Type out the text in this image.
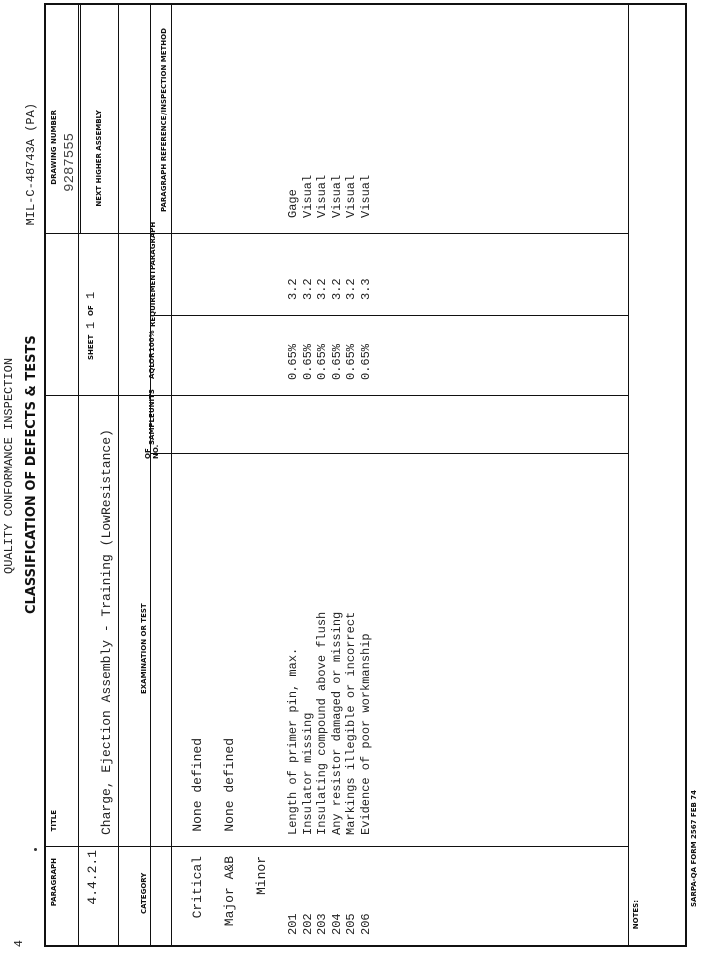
4
QUALITY CONFORMANCE INSPECTION CLASSIFICATION OF DEFECTS & TESTS
MIL-C-48743A (PA)
PARAGRAPH 4.4.2.1
TITLE	Charge, Ejection Assembly - Training (Low
Resistance)
SHEET
1
OF
1
DRAWING NUMBER 9287555 NEXT HIGHER ASSEMBLY
CATEGORY
EXAMINATION OR TEST
NO. OF
SAMPLE
UNITS
AQL
OR
100%
REQUIREMENT
PARAGRAPH
PARAGRAPH REFERENCE
/INSPECTION METHOD
Critical
None defined
Major A&B
None defined
Minor
201
Length of primer pin, max.
0.65%
3.2
Gage
202
Insulator missing
0.65%
3.2
Visual
203
Insulating compound above flush
0.65%
3.2
Visual
204
Any resistor damaged or missing
0.65%
3.2
Visual
205
Markings illegible or incorrect
0.65%
3.2
Visual
206
Evidence of poor workmanship
0.65%
3.3
Visual
NOTES:
SARPA-QA FORM 2567 FEB 74
